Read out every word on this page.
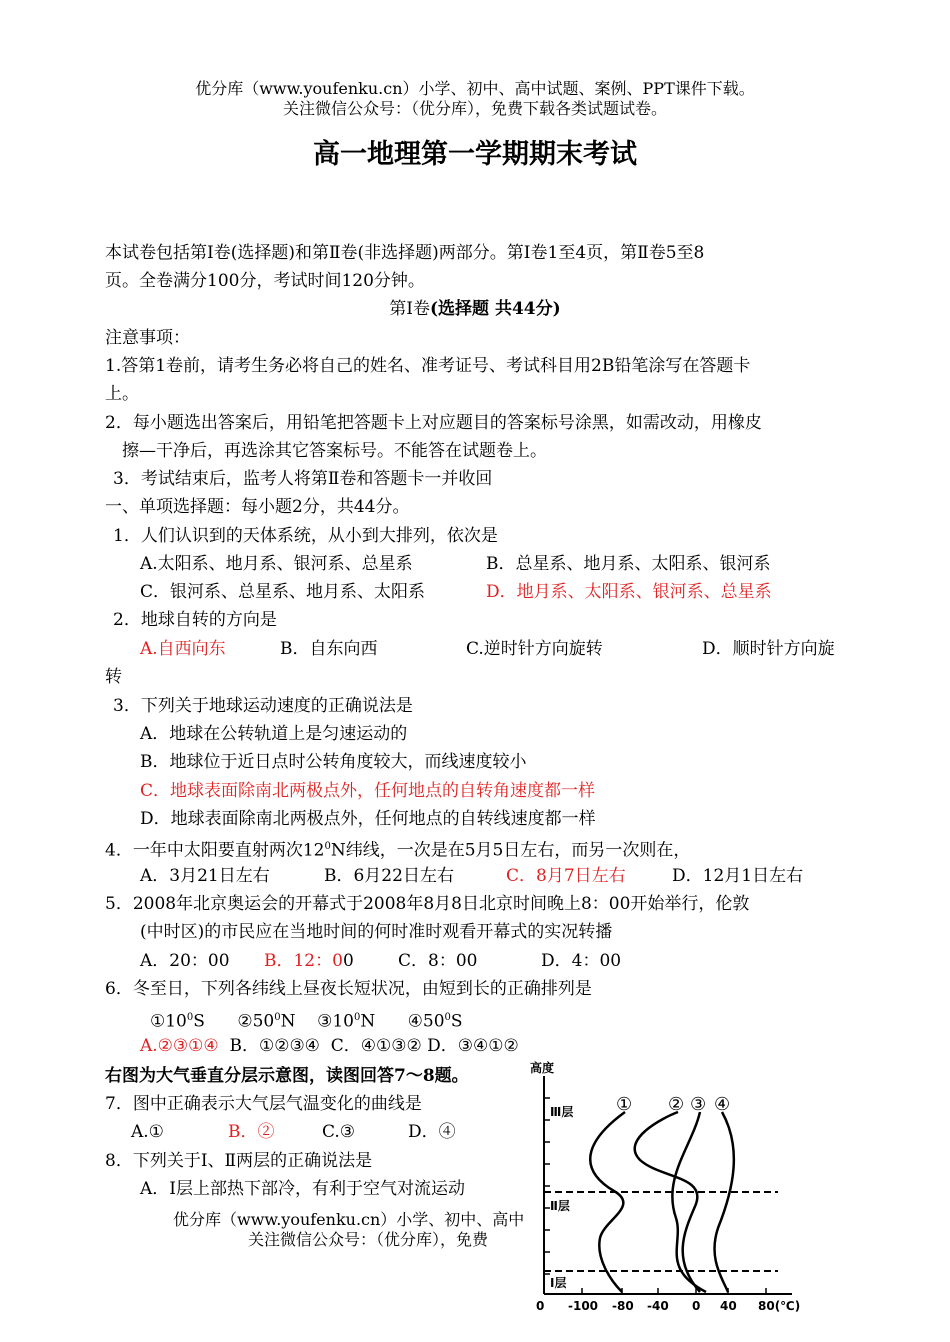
优分库（www.youfenku.cn）小学、初中、高中试题、案例、PPT课件下载。
关注微信公众号：（优分库），免费下载各类试题试卷。
高一地理第一学期期末考试
本试卷包括第Ⅰ卷(选择题)和第Ⅱ卷(非选择题)两部分。第Ⅰ卷1至4页，第Ⅱ卷5至8
页。全卷满分100分，考试时间120分钟。
第Ⅰ卷(选择题 共44分)
注意事项：
1.答第1卷前，请考生务必将自己的姓名、准考证号、考试科目用2B铅笔涂写在答题卡
上。
2．每小题选出答案后，用铅笔把答题卡上对应题目的答案标号涂黑，如需改动，用橡皮
擦—干净后，再选涂其它答案标号。不能答在试题卷上。
3．考试结束后，监考人将第Ⅱ卷和答题卡一并收回
一、单项选择题：每小题2分，共44分。
1．人们认识到的天体系统，从小到大排列，依次是
A.太阳系、地月系、银河系、总星系	B．总星系、地月系、太阳系、银河系
C．银河系、总星系、地月系、太阳系	D．地月系、太阳系、银河系、总星系
2．地球自转的方向是
A.自西向东	B．自东向西	C.逆时针方向旋转	D．顺时针方向旋
转
3．下列关于地球运动速度的正确说法是
A．地球在公转轨道上是匀速运动的
B．地球位于近日点时公转角度较大，而线速度较小
C．地球表面除南北两极点外，任何地点的自转角速度都一样
D．地球表面除南北两极点外，任何地点的自转线速度都一样
4．一年中太阳要直射两次$12^0N$纬线，一次是在5月5日左右，而另一次则在，
A．3月21日左右	B．6月22日左右	C．8月7日左右	D．12月1日左右
5．2008年北京奥运会的开幕式于2008年8月8日北京时间晚上8：00开始举行，伦敦
(中时区)的市民应在当地时间的何时准时观看开幕式的实况转播
A．20：00 B．12：00	C．8：00	D．4：00
6．冬至日，下列各纬线上昼夜长短状况，由短到长的正确排列是
$①10^0S$ $②50^0N$ $③10^0N$ $④50^0S$
A.②③①④ B．①②③④ C．④①③② D．③④①②
右图为大气垂直分层示意图，读图回答7～8题。
7．图中正确表示大气层气温变化的曲线是
A.①	B．②	C.③	D．④
8．下列关于Ⅰ、Ⅱ两层的正确说法是
A．Ⅰ层上部热下部冷，有利于空气对流运动
优分库（www.youfenku.cn）小学、初中、高中
关注微信公众号：（优分库），免费
高度
Ⅲ层
Ⅱ层
Ⅰ层
① ② ③ ④
0 -100 -80 -40 0 40 80(℃)
